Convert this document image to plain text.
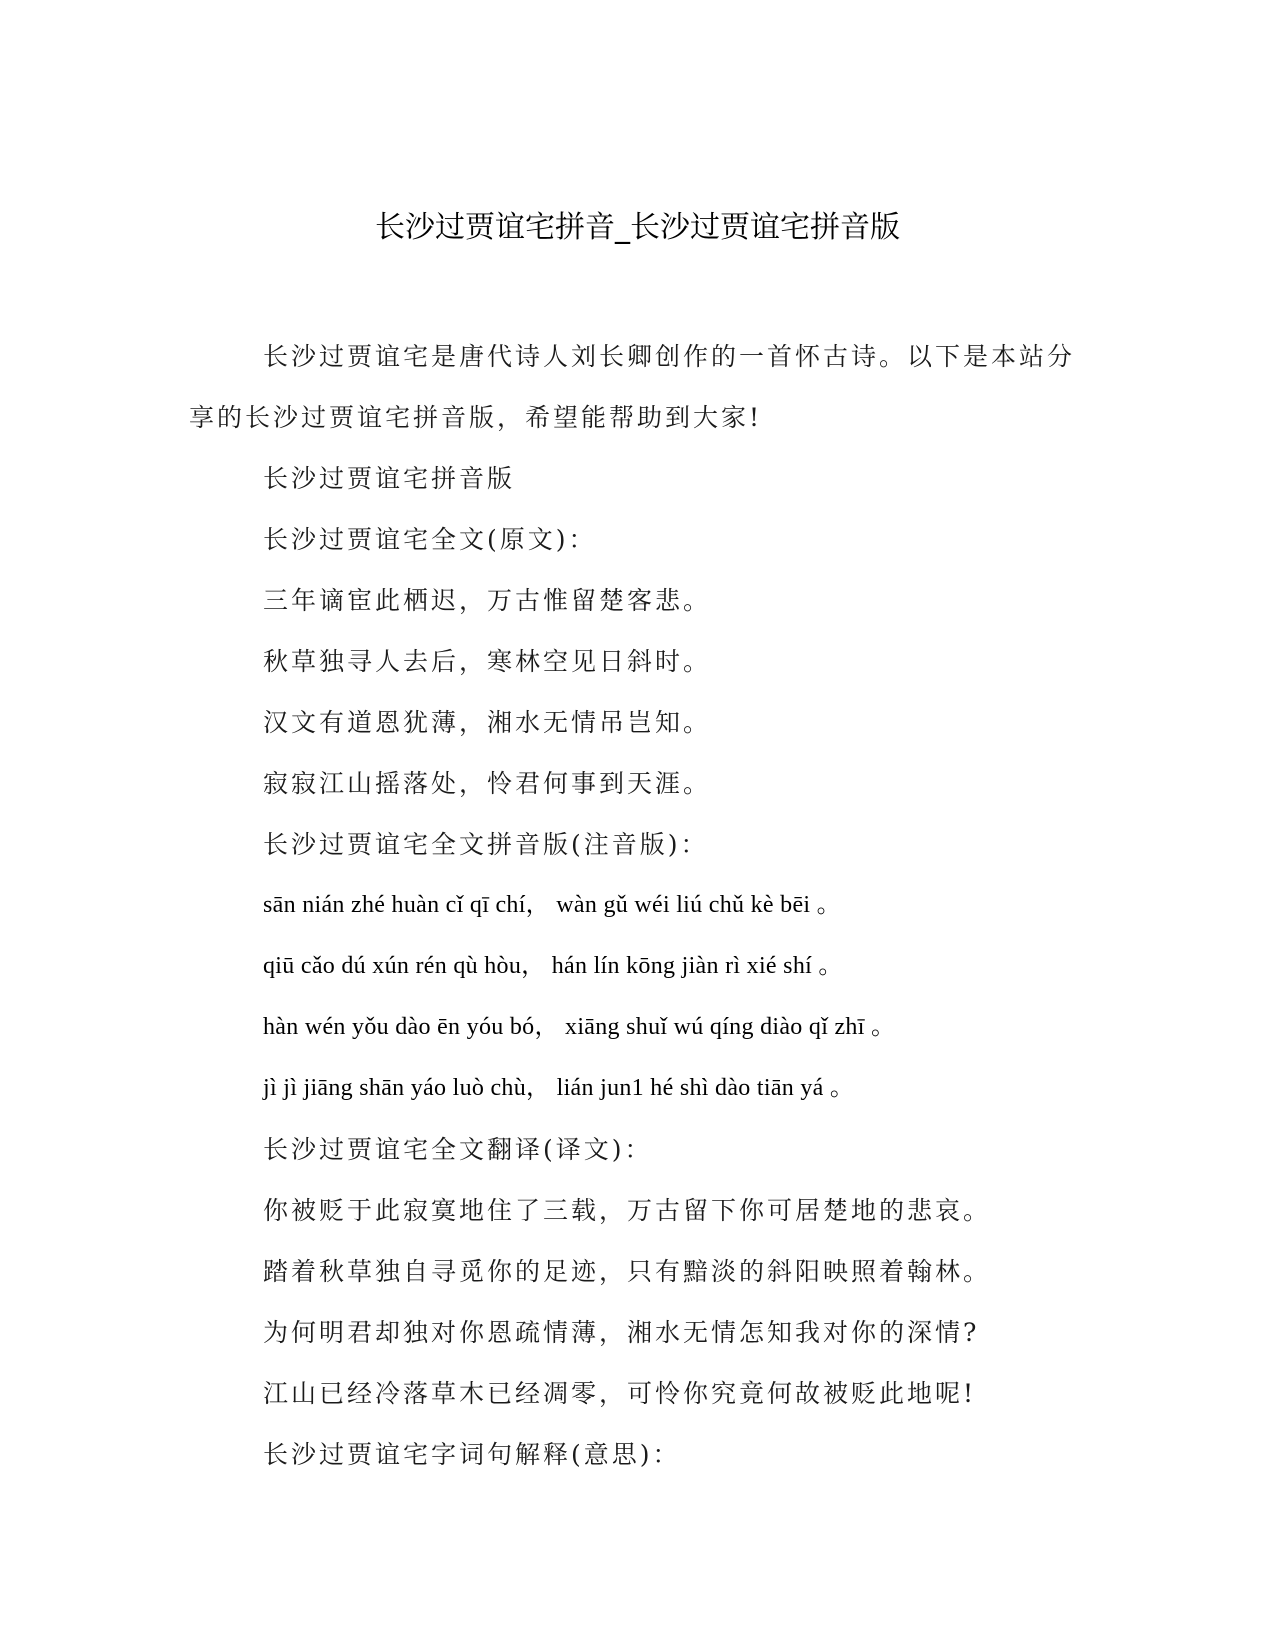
长沙过贾谊宅拼音_长沙过贾谊宅拼音版

长沙过贾谊宅是唐代诗人刘长卿创作的一首怀古诗。以下是本站分享的长沙过贾谊宅拼音版，希望能帮助到大家!

长沙过贾谊宅拼音版
长沙过贾谊宅全文(原文)：
三年谪宦此栖迟，万古惟留楚客悲。
秋草独寻人去后，寒林空见日斜时。
汉文有道恩犹薄，湘水无情吊岂知。
寂寂江山摇落处，怜君何事到天涯。
长沙过贾谊宅全文拼音版(注音版)：
sān nián zhé huàn cǐ qī chí， wàn gǔ wéi liú chǔ kè bēi 。
qiū cǎo dú xún rén qù hòu， hán lín kōng jiàn rì xié shí 。
hàn wén yǒu dào ēn yóu bó， xiāng shuǐ wú qíng diào qǐ zhī 。
jì jì jiāng shān yáo luò chù， lián jun1 hé shì dào tiān yá 。
长沙过贾谊宅全文翻译(译文)：
你被贬于此寂寞地住了三载，万古留下你可居楚地的悲哀。
踏着秋草独自寻觅你的足迹，只有黯淡的斜阳映照着翰林。
为何明君却独对你恩疏情薄，湘水无情怎知我对你的深情?
江山已经冷落草木已经凋零，可怜你究竟何故被贬此地呢!
长沙过贾谊宅字词句解释(意思)：
